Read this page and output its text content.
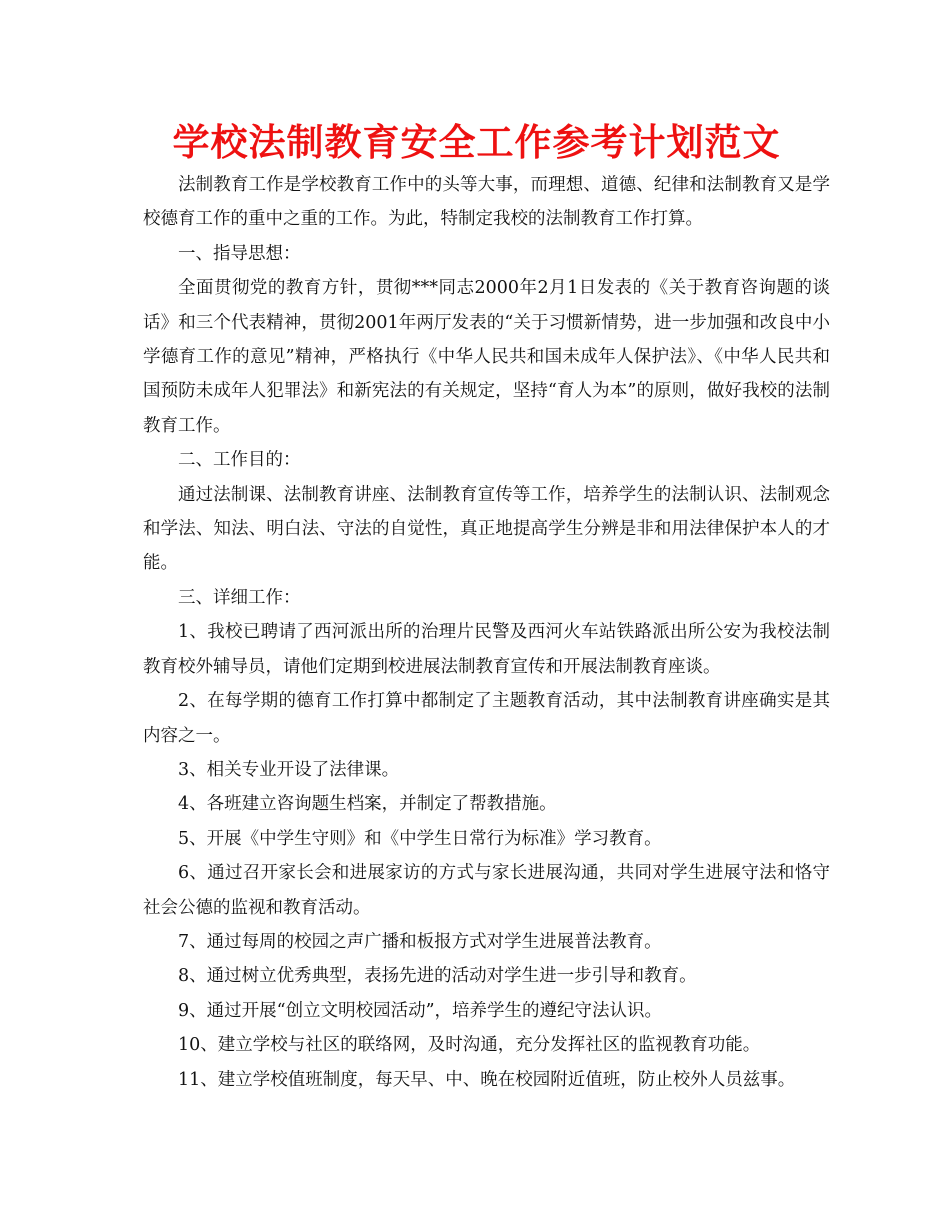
学校法制教育安全工作参考计划范文

法制教育工作是学校教育工作中的头等大事，而理想、道德、纪律和法制教育又是学校德育工作的重中之重的工作。为此，特制定我校的法制教育工作打算。

一、指导思想：

全面贯彻党的教育方针，贯彻***同志2000年2月1日发表的《关于教育咨询题的谈话》和三个代表精神，贯彻2001年两厅发表的“关于习惯新情势，进一步加强和改良中小学德育工作的意见”精神，严格执行《中华人民共和国未成年人保护法》、《中华人民共和国预防未成年人犯罪法》和新宪法的有关规定，坚持“育人为本”的原则，做好我校的法制教育工作。

二、工作目的：

通过法制课、法制教育讲座、法制教育宣传等工作，培养学生的法制认识、法制观念和学法、知法、明白法、守法的自觉性，真正地提高学生分辨是非和用法律保护本人的才能。

三、详细工作：

1、我校已聘请了西河派出所的治理片民警及西河火车站铁路派出所公安为我校法制教育校外辅导员，请他们定期到校进展法制教育宣传和开展法制教育座谈。

2、在每学期的德育工作打算中都制定了主题教育活动，其中法制教育讲座确实是其内容之一。

3、相关专业开设了法律课。

4、各班建立咨询题生档案，并制定了帮教措施。

5、开展《中学生守则》和《中学生日常行为标准》学习教育。

6、通过召开家长会和进展家访的方式与家长进展沟通，共同对学生进展守法和恪守社会公德的监视和教育活动。

7、通过每周的校园之声广播和板报方式对学生进展普法教育。

8、通过树立优秀典型，表扬先进的活动对学生进一步引导和教育。

9、通过开展“创立文明校园活动”，培养学生的遵纪守法认识。

10、建立学校与社区的联络网，及时沟通，充分发挥社区的监视教育功能。

11、建立学校值班制度，每天早、中、晚在校园附近值班，防止校外人员兹事。
